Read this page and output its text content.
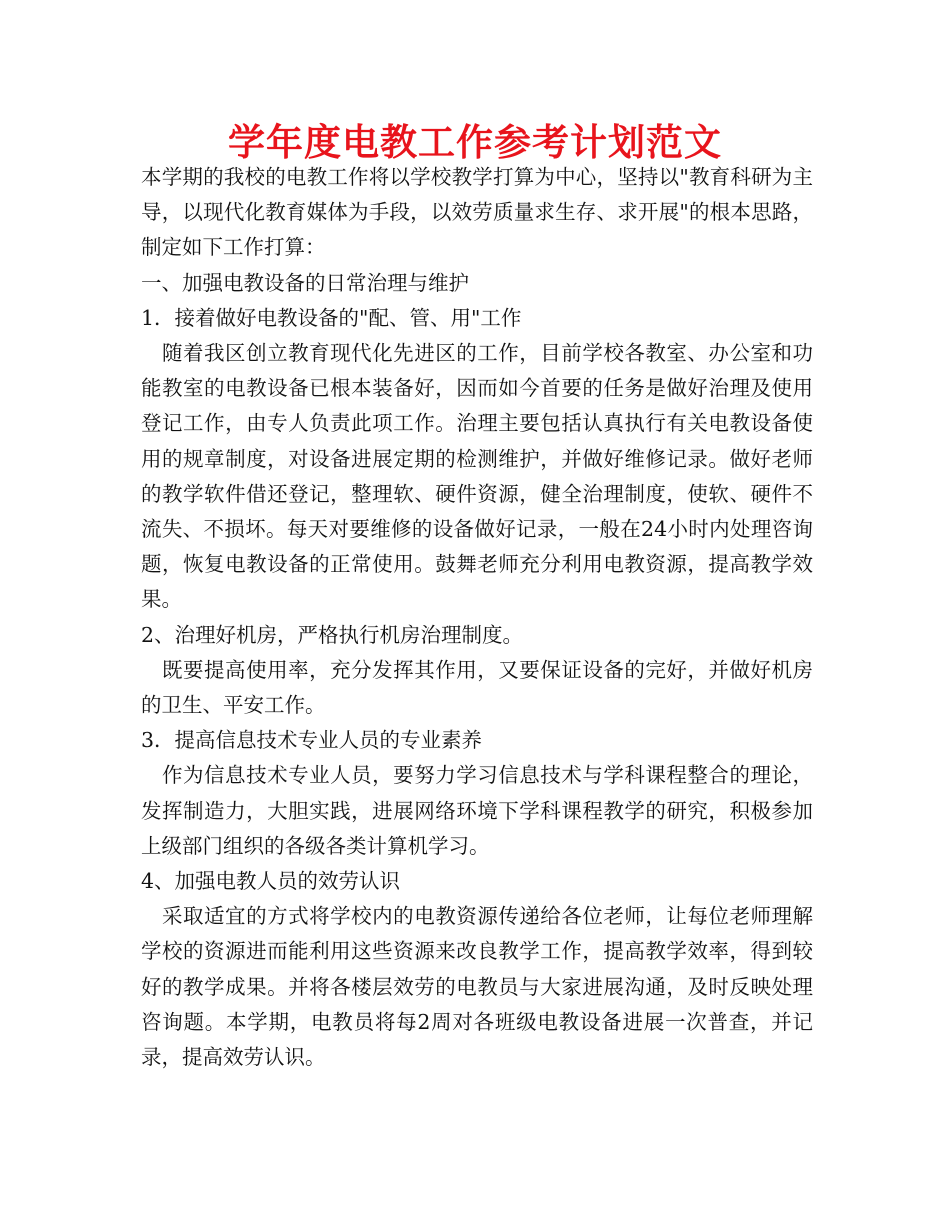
学年度电教工作参考计划范文

本学期的我校的电教工作将以学校教学打算为中心，坚持以"教育科研为主导，以现代化教育媒体为手段，以效劳质量求生存、求开展"的根本思路，制定如下工作打算：

一、加强电教设备的日常治理与维护

1．接着做好电教设备的"配、管、用"工作

随着我区创立教育现代化先进区的工作，目前学校各教室、办公室和功能教室的电教设备已根本装备好，因而如今首要的任务是做好治理及使用登记工作，由专人负责此项工作。治理主要包括认真执行有关电教设备使用的规章制度，对设备进展定期的检测维护，并做好维修记录。做好老师的教学软件借还登记，整理软、硬件资源，健全治理制度，使软、硬件不流失、不损坏。每天对要维修的设备做好记录，一般在24小时内处理咨询题，恢复电教设备的正常使用。鼓舞老师充分利用电教资源，提高教学效果。

2、治理好机房，严格执行机房治理制度。

既要提高使用率，充分发挥其作用，又要保证设备的完好，并做好机房的卫生、平安工作。

3．提高信息技术专业人员的专业素养

作为信息技术专业人员，要努力学习信息技术与学科课程整合的理论，发挥制造力，大胆实践，进展网络环境下学科课程教学的研究，积极参加上级部门组织的各级各类计算机学习。

4、加强电教人员的效劳认识

采取适宜的方式将学校内的电教资源传递给各位老师，让每位老师理解学校的资源进而能利用这些资源来改良教学工作，提高教学效率，得到较好的教学成果。并将各楼层效劳的电教员与大家进展沟通，及时反映处理咨询题。本学期，电教员将每2周对各班级电教设备进展一次普查，并记录，提高效劳认识。
